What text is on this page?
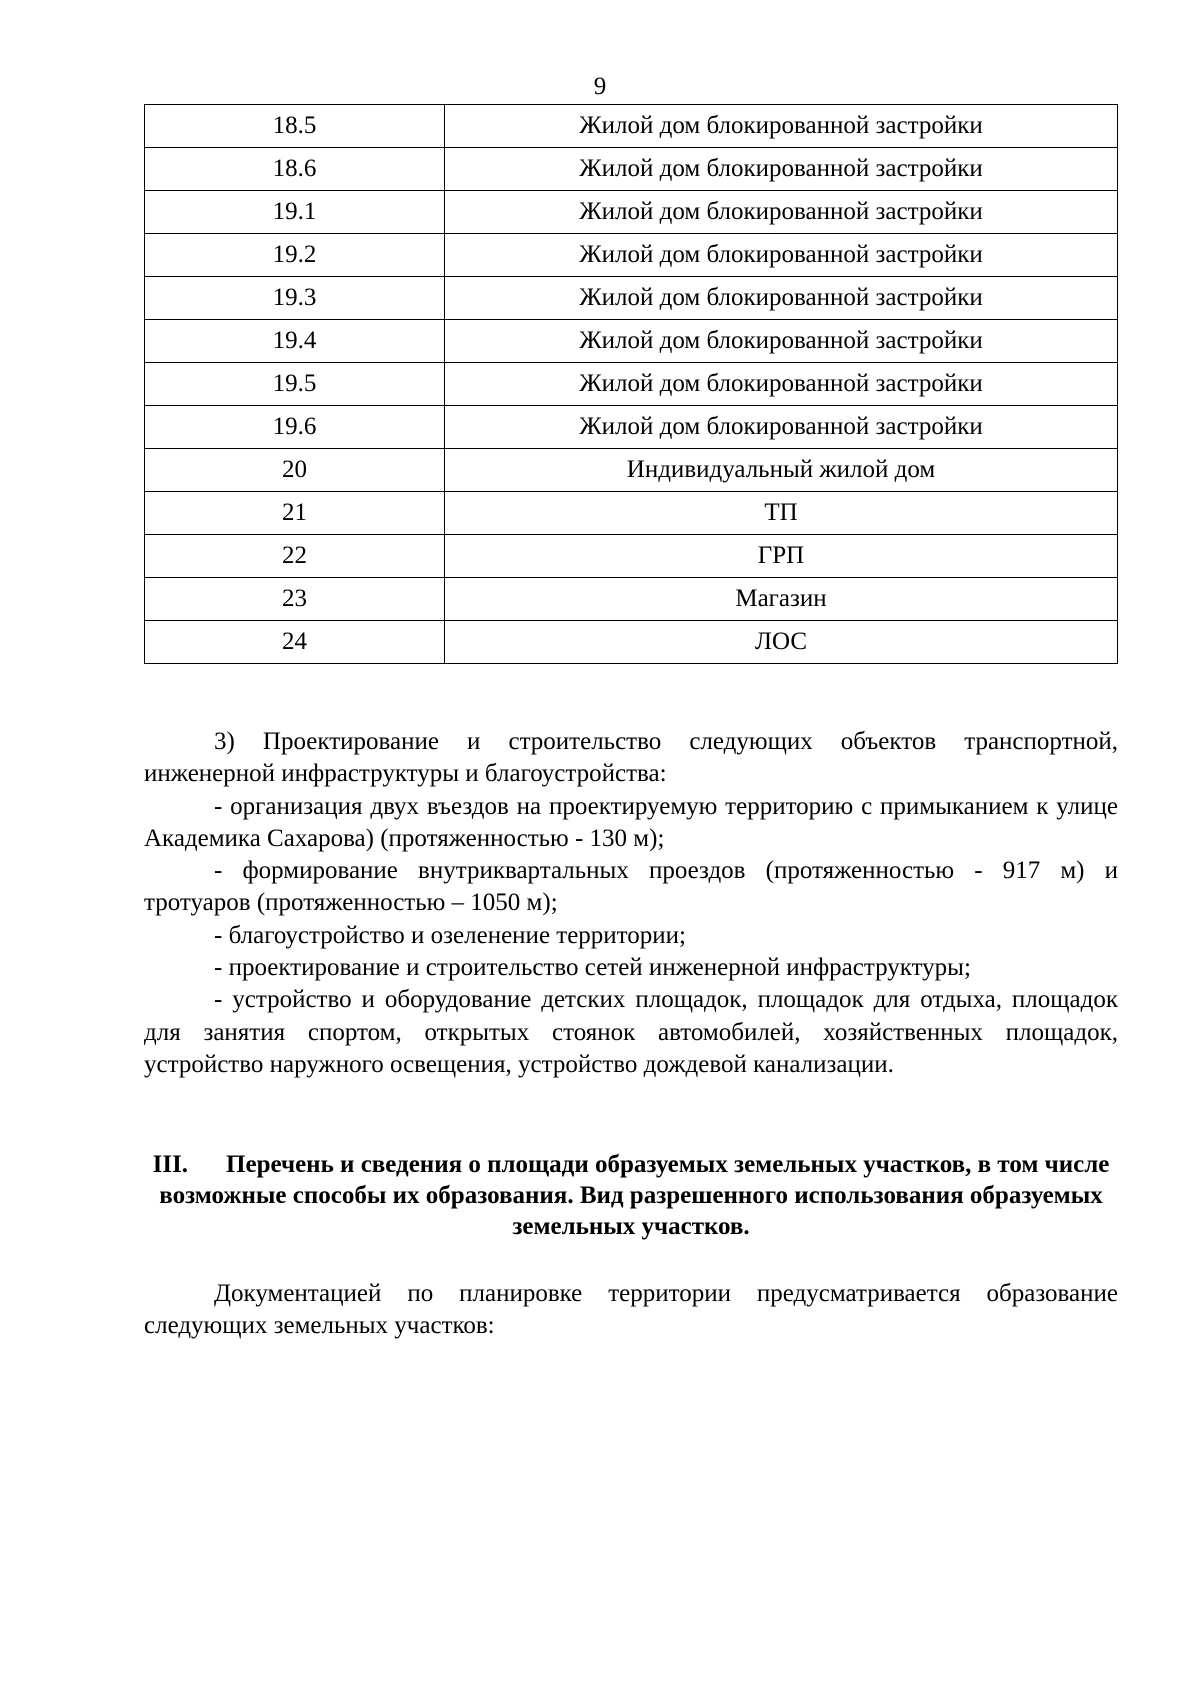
9
18.5	Жилой дом блокированной застройки
18.6	Жилой дом блокированной застройки
19.1	Жилой дом блокированной застройки
19.2	Жилой дом блокированной застройки
19.3	Жилой дом блокированной застройки
19.4	Жилой дом блокированной застройки
19.5	Жилой дом блокированной застройки
19.6	Жилой дом блокированной застройки
20	Индивидуальный жилой дом
21	ТП
22	ГРП
23	Магазин
24	ЛОС

3) Проектирование и строительство следующих объектов транспортной, инженерной инфраструктуры и благоустройства:

- организация двух въездов на проектируемую территорию с примыканием к улице Академика Сахарова) (протяженностью - 130 м);

- формирование внутриквартальных проездов (протяженностью - 917 м) и тротуаров (протяженностью – 1050 м);

- благоустройство и озеленение территории;

- проектирование и строительство сетей инженерной инфраструктуры;

- устройство и оборудование детских площадок, площадок для отдыха, площадок для занятия спортом, открытых стоянок автомобилей, хозяйственных площадок, устройство наружного освещения, устройство дождевой канализации.

III. Перечень и сведения о площади образуемых земельных участков, в том числе возможные способы их образования. Вид разрешенного использования образуемых земельных участков.

Документацией по планировке территории предусматривается образование следующих земельных участков:
